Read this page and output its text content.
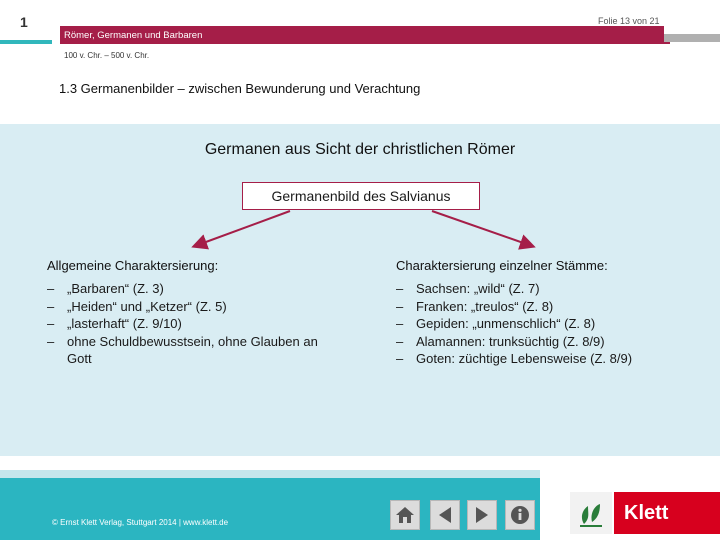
1	Folie 13 von 21
Römer, Germanen und Barbaren
100 v. Chr. – 500 v. Chr.
1.3 Germanenbilder – zwischen Bewunderung und Verachtung
Germanen aus Sicht der christlichen Römer
Germanenbild des Salvianus
Allgemeine Charaktersierung:	Charaktersierung einzelner Stämme:
– „Barbaren“ (Z. 3)
– „Heiden“ und „Ketzer“ (Z. 5)
– „lasterhaft“ (Z. 9/10)
– ohne Schuldbewusstsein, ohne Glauben an Gott
– Sachsen: „wild“ (Z. 7)
– Franken: „treulos“ (Z. 8)
– Gepiden: „unmenschlich“ (Z. 8)
– Alamannen: trunksüchtig (Z. 8/9)
– Goten: züchtige Lebensweise (Z. 8/9)
© Ernst Klett Verlag, Stuttgart 2014 | www.klett.de	Klett
